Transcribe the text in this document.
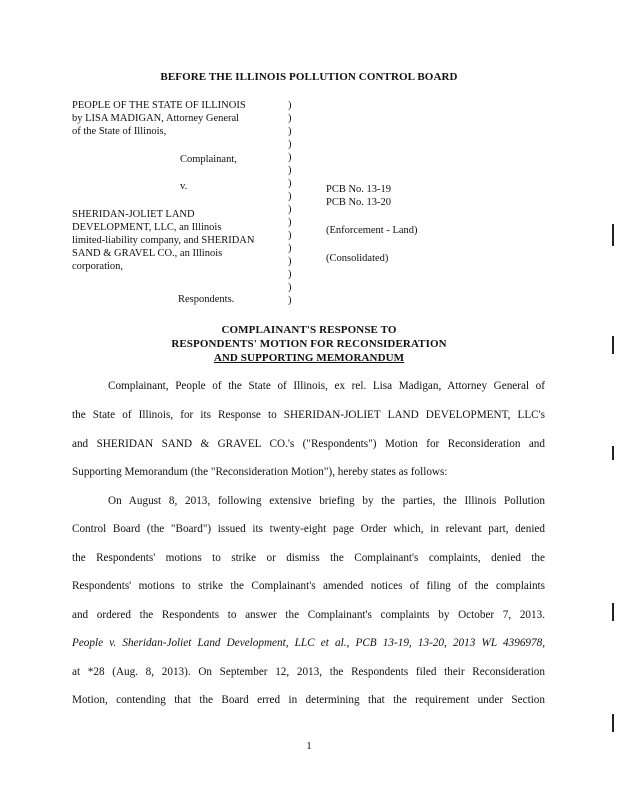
BEFORE THE ILLINOIS POLLUTION CONTROL BOARD
PEOPLE OF THE STATE OF ILLINOIS
by LISA MADIGAN, Attorney General
of the State of Illinois,
Complainant,
v.
SHERIDAN-JOLIET LAND
DEVELOPMENT, LLC, an Illinois
limited-liability company, and SHERIDAN
SAND & GRAVEL CO., an Illinois
corporation,
Respondents.
)
)
)
)
)
)
)
)
)
)
)
)
)
)
)
)
PCB No. 13-19
PCB No. 13-20
(Enforcement - Land)
(Consolidated)
COMPLAINANT'S RESPONSE TO
RESPONDENTS' MOTION FOR RECONSIDERATION
AND SUPPORTING MEMORANDUM
Complainant, People of the State of Illinois, ex rel. Lisa Madigan, Attorney General of
the State of Illinois, for its Response to SHERIDAN-JOLIET LAND DEVELOPMENT, LLC's
and SHERIDAN SAND & GRAVEL CO.'s ("Respondents") Motion for Reconsideration and
Supporting Memorandum (the "Reconsideration Motion"), hereby states as follows:
On August 8, 2013, following extensive briefing by the parties, the Illinois Pollution
Control Board (the "Board") issued its twenty-eight page Order which, in relevant part, denied
the Respondents' motions to strike or dismiss the Complainant's complaints, denied the
Respondents' motions to strike the Complainant's amended notices of filing of the complaints
and ordered the Respondents to answer the Complainant's complaints by October 7, 2013.
People v. Sheridan-Joliet Land Development, LLC et al., PCB 13-19, 13-20, 2013 WL 4396978,
at *28 (Aug. 8, 2013). On September 12, 2013, the Respondents filed their Reconsideration
Motion, contending that the Board erred in determining that the requirement under Section
1
